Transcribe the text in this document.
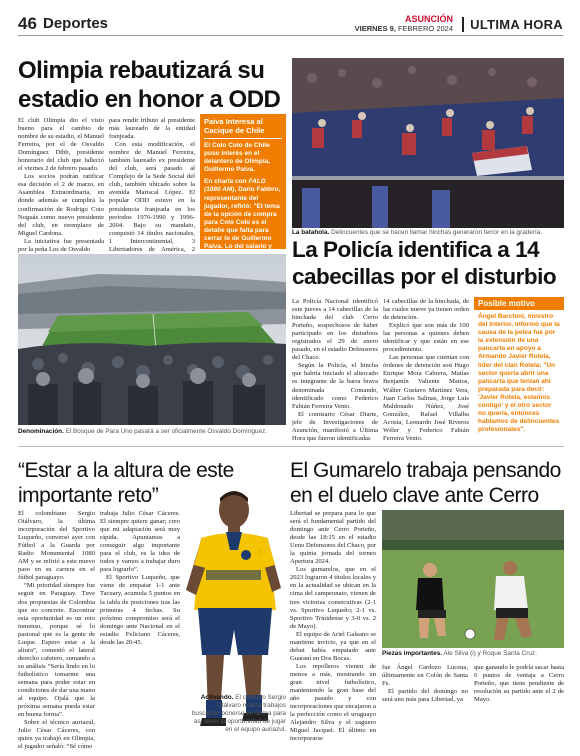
46 Deportes	ASUNCIÓN
VIERNES 9, FEBRERO 2024	ULTIMA HORA
Olimpia rebautizará su estadio en honor a ODD

El club Olimpia dio el visto bueno para el cambio de nombre de su estadio, el Manuel Ferreira, por el de Osvaldo Domínguez Dibb, presidente honorario del club que falleció el viernes 2 de febrero pasado.

Los socios podrán ratificar esa decisión el 2 de marzo, en Asamblea Extraordinaria, en donde además se cumplirá la confirmación de Rodrigo Coto Noguás como nuevo presidente del club, en reemplazo de Miguel Cardona.

La iniciativa fue presentada por la peña Los de Osvaldo

para rendir tributo al presidente más laureado de la entidad franjeada.

Con esta modificación, el nombre de Manuel Ferreira, también laureado ex presidente del club, será pasado al Complejo de la Sede Social del club, también ubicado sobre la avenida Mariscal López. El popular ODD estuvo en la presidencia franjeada en los períodos 1976-1990 y 1996-2004. Bajo su mandato, conquistó 14 títulos nacionales, 1 Intercontinental, 3 Libertadores de América, 2

Paiva Interesa al Cacique de Chile
El Colo Colo de Chile puso interés en el delantero de Olimpia, Guillermo Paiva.
En charla con FALG (1080 AM), Darío Fabbro, representante del jugador, refirió: "El tema de la opción de compra para Colo Colo es el detalle que falta para cerrar lo de Guillermo Paiva. Lo del salario y
Denominación. El Bosque de Para Uno pasará a ser oficialmente Osvaldo Domínguez.
La batahola. Delincuentes que se hacen llamar hinchas generaron terror en la gradería.
La Policía identifica a 14 cabecillas por el disturbio

La Policía Nacional identificó este jueves a 14 cabecillas de la hinchada del club Cerro Porteño, sospechosos de haber participado en los disturbios registrados el 29 de enero pasado, en el estadio Defensores del Chaco.

Según la Policía, el hincha que habría iniciado el altercado es integrante de la barra brava denominada Comando, identificado como Federico Fabián Ferreira Vento.

El comisario César Diarte, jefe de Investigaciones de Asunción, manifestó a Última Hora que fueron identificadas

14 cabecillas de la hinchada, de las cuales nueve ya tienen orden de detención.

Explicó que son más de 100 las personas a quienes deben identificar y que están en ese procedimiento.

Las personas que cuentan con órdenes de detención son Hugo Enrique Mora Cabrera, Matías Benjamín Valiente Mattos, Wálter Gustavo Martínez Vera, Juan Carlos Salinas, Jorge Luis Maldonado Núñez, José González, Rafael Villalba Acosta, Leonardo José Riveros Wéler y Federico Fabián Ferreira Vento.

Posible motivo
Ángel Barchini, ministro del Interior, informó que la causa de la pelea fue por la extensión de una pancarta en apoyo a Armando Javier Rotela, líder del clan Rotela: "Un sector quería abrir una pancarta que tenían ahí preparada para decir: 'Javier Rotela, estamos contigo' y el otro sector no quería, entonces hablamos de delincuentes profesionales".
“Estar a la altura de este importante reto”

El colombiano Sergio Otálvaro, la última incorporación del Sportivo Luqueño, conversó ayer con Fútbol a la Guarda por Radio Monumental 1080 AM y se refirió a este nuevo paso en su carrera en el fútbol paraguayo.

“Mi prioridad siempre fue seguir en Paraguay. Tuve dos propuestas de Colombia que no concrete. Encontrar esta oportunidad es un reto inmenso, porque sé lo pasional que es la gente de Luque. Espero estar a la altura”, comentó el lateral derecho cafetero, sumando a su análisis “Sería lindo en lo futbolístico tomarme una semana para poder estar en condiciones de dar una mano al equipo. Ojalá que la próxima semana pueda estar en buena forma”.

Sobre el técnico auriazul, Julio César Cáceres, con quien ya trabajó en Olimpia, el jugador señaló: “Sé cómo

trabaja Julio César Cáceres. El siempre quiere ganar; creo que mi adaptación será muy rápida. Apuntamos a conseguir algo importante para el club, es la idea de todos y vamos a trabajar duro para lograrlo”.

El Sportivo Luqueño, que viene de empatar 1-1 ante Tacuary, acumula 5 puntos en la tabla de posiciones tras las primeras 4 fechas. Su próximo compromiso será el domingo ante Nacional en el estadio Feliciano Cáceres, desde las 20:45.

Activando. El cafetero Sergio Otálvaro realiza trabajos buscando ponerse en forma para así tener la oportunidad de jugar en el equipo auriazul.
El Gumarelo trabaja pensando en el duelo clave ante Cerro

Libertad se prepara para lo que será el fundamental partido del domingo ante Cerro Porteño, desde las 18:15 en el estadio Ueno Defensores del Chaco, por la quinta jornada del torneo Apertura 2024.

Los gumarelos, que en el 2023 lograron 4 títulos locales y en la actualidad se ubican en la cima del campeonato, vienen de tres victorias consecutivas (2-1 vs. Sportivo Luqueño; 2-1 vs. Sportivo Trinidense y 3-0 vs. 2 de Mayo).

El equipo de Ariel Galeano se mantiene invicto, ya que en el debut había empatado ante Guaraní en Dos Bocas.

Los repolleros vienen de menos a más, mostrando un gran nivel futbolístico, manteniendo la gran base del año pasado y con incorporaciones que encajaron a la perfección como el uruguayo Alejandro Silva y el zaguero Miguel Jacquet. El último en incorporarse

Piezas importantes. Ale Silva (i) y Roque Santa Cruz.

fue Ángel Cardozo Lucena, últimamente en Colón de Santa Fe.

El partido del domingo no será uno más para Libertad, ya

que ganando le podría sacar hasta 6 puntos de ventaja a Cerro Porteño, que tiene pendiente de resolución su partido ante el 2 de Mayo.
